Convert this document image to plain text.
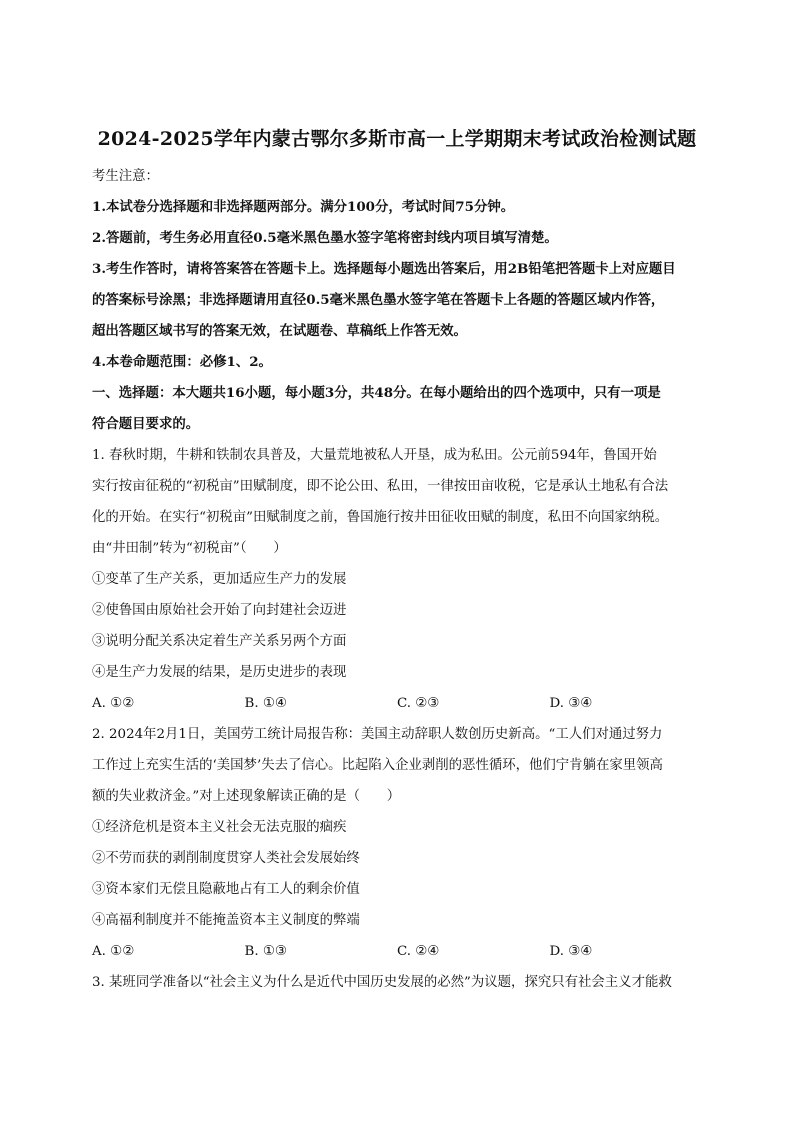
2024-2025学年内蒙古鄂尔多斯市高一上学期期末考试政治检测试题
考生注意：
1.本试卷分选择题和非选择题两部分。满分100分，考试时间75分钟。
2.答题前，考生务必用直径0.5毫米黑色墨水签字笔将密封线内项目填写清楚。
3.考生作答时，请将答案答在答题卡上。选择题每小题选出答案后，用2B铅笔把答题卡上对应题目
的答案标号涂黑；非选择题请用直径0.5毫米黑色墨水签字笔在答题卡上各题的答题区域内作答，
超出答题区域书写的答案无效，在试题卷、草稿纸上作答无效。
4.本卷命题范围：必修1、2。
一、选择题：本大题共16小题，每小题3分，共48分。在每小题给出的四个选项中，只有一项是
符合题目要求的。
1. 春秋时期，牛耕和铁制农具普及，大量荒地被私人开垦，成为私田。公元前594年，鲁国开始
实行按亩征税的“初税亩”田赋制度，即不论公田、私田，一律按田亩收税，它是承认土地私有合法
化的开始。在实行“初税亩”田赋制度之前，鲁国施行按井田征收田赋的制度，私田不向国家纳税。
由“井田制”转为“初税亩”（　　）
①变革了生产关系，更加适应生产力的发展
②使鲁国由原始社会开始了向封建社会迈进
③说明分配关系决定着生产关系另两个方面
④是生产力发展的结果，是历史进步的表现
A. ①②	B. ①④	C. ②③	D. ③④
2. 2024年2月1日，美国劳工统计局报告称：美国主动辞职人数创历史新高。“工人们对通过努力
工作过上充实生活的‘美国梦’失去了信心。比起陷入企业剥削的恶性循环，他们宁肯躺在家里领高
额的失业救济金。”对上述现象解读正确的是（　　）
①经济危机是资本主义社会无法克服的痼疾
②不劳而获的剥削制度贯穿人类社会发展始终
③资本家们无偿且隐蔽地占有工人的剩余价值
④高福利制度并不能掩盖资本主义制度的弊端
A. ①②	B. ①③	C. ②④	D. ③④
3. 某班同学准备以“社会主义为什么是近代中国历史发展的必然”为议题，探究只有社会主义才能救
